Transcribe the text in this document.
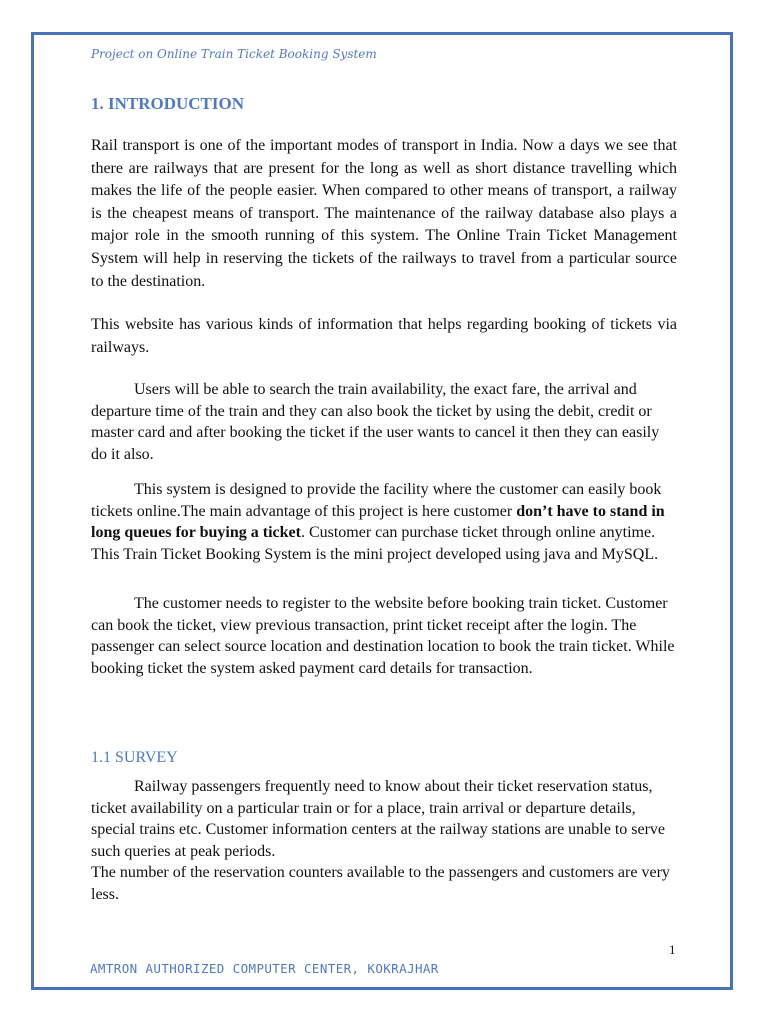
Project on Online Train Ticket Booking System
1. INTRODUCTION
Rail transport is one of the important modes of transport in India. Now a days we see that there are railways that are present for the long as well as short distance travelling which makes the life of the people easier. When compared to other means of transport, a railway is the cheapest means of transport. The maintenance of the railway database also plays a major role in the smooth running of this system. The Online Train Ticket Management System will help in reserving the tickets of the railways to travel from a particular source to the destination.
This website has various kinds of information that helps regarding booking of tickets via railways.
Users will be able to search the train availability, the exact fare, the arrival and departure time of the train and they can also book the ticket by using the debit, credit or master card and after booking the ticket if the user wants to cancel it then they can easily do it also.
This system is designed to provide the facility where the customer can easily book tickets online.The main advantage of this project is here customer don’t have to stand in long queues for buying a ticket. Customer can purchase ticket through online anytime. This Train Ticket Booking System is the mini project developed using java and MySQL.
The customer needs to register to the website before booking train ticket. Customer can book the ticket, view previous transaction, print ticket receipt after the login. The passenger can select source location and destination location to book the train ticket. While booking ticket the system asked payment card details for transaction.
1.1 SURVEY
Railway passengers frequently need to know about their ticket reservation status, ticket availability on a particular train or for a place, train arrival or departure details, special trains etc. Customer information centers at the railway stations are unable to serve such queries at peak periods.
The number of the reservation counters available to the passengers and customers are very less.
1
AMTRON AUTHORIZED COMPUTER CENTER, KOKRAJHAR
